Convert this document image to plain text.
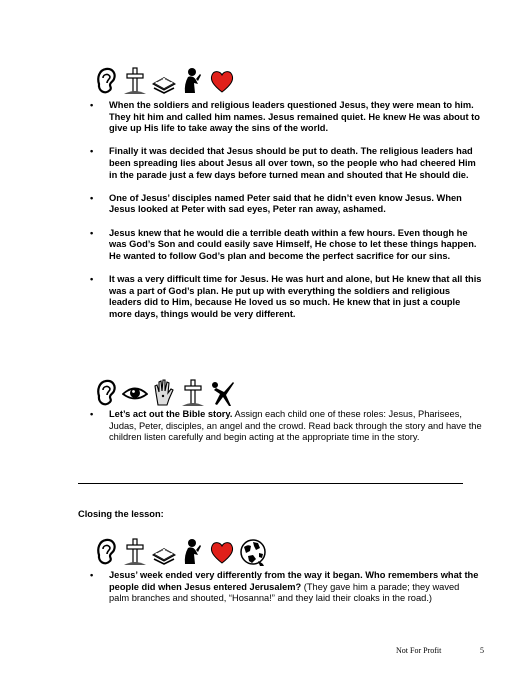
• When the soldiers and religious leaders questioned Jesus, they were mean to him. They hit him and called him names. Jesus remained quiet. He knew He was about to give up His life to take away the sins of the world.
• Finally it was decided that Jesus should be put to death. The religious leaders had been spreading lies about Jesus all over town, so the people who had cheered Him in the parade just a few days before turned mean and shouted that He should die.
• One of Jesus’ disciples named Peter said that he didn’t even know Jesus. When Jesus looked at Peter with sad eyes, Peter ran away, ashamed.
• Jesus knew that he would die a terrible death within a few hours. Even though he was God’s Son and could easily save Himself, He chose to let these things happen. He wanted to follow God’s plan and become the perfect sacrifice for our sins.
• It was a very difficult time for Jesus. He was hurt and alone, but He knew that all this was a part of God’s plan. He put up with everything the soldiers and religious leaders did to Him, because He loved us so much. He knew that in just a couple more days, things would be very different.
• Let’s act out the Bible story. Assign each child one of these roles: Jesus, Pharisees, Judas, Peter, disciples, an angel and the crowd. Read back through the story and have the children listen carefully and begin acting at the appropriate time in the story.
Closing the lesson:
• Jesus’ week ended very differently from the way it began. Who remembers what the people did when Jesus entered Jerusalem? (They gave him a parade; they waved palm branches and shouted, “Hosanna!” and they laid their cloaks in the road.)
Not For Profit	5
